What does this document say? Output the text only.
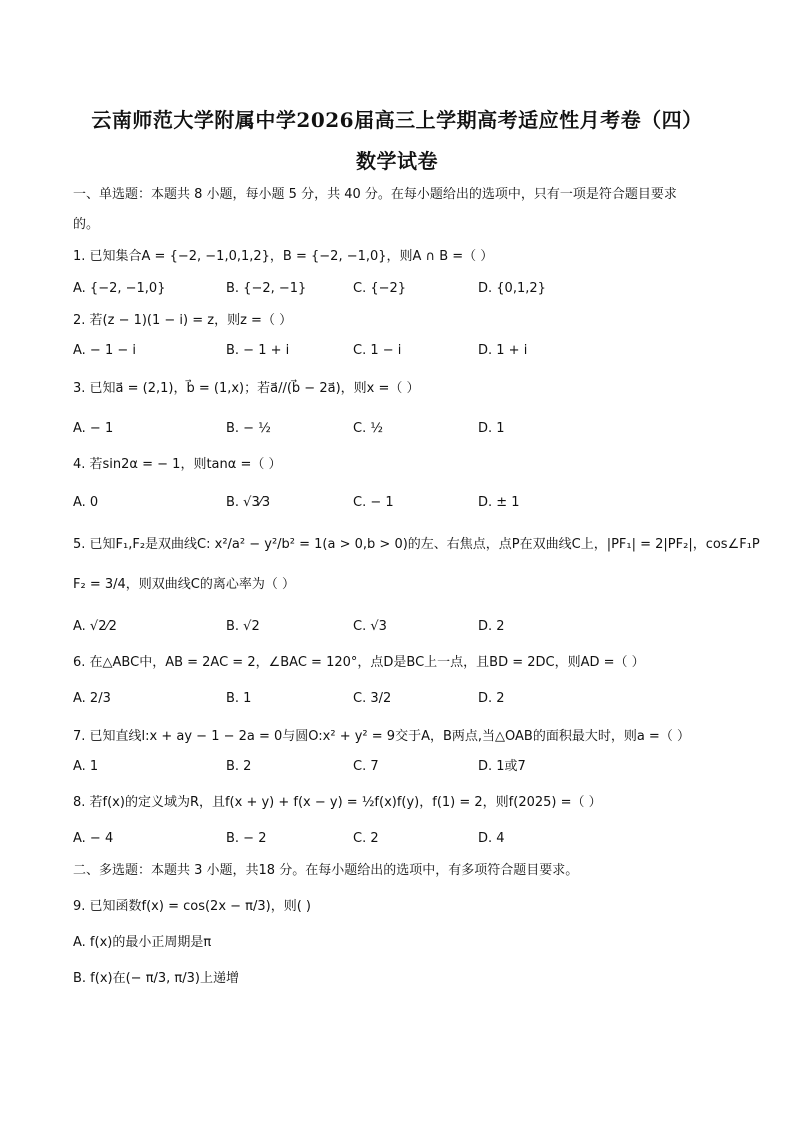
云南师范大学附属中学2026届高三上学期高考适应性月考卷（四）
数学试卷
一、单选题：本题共 8 小题，每小题 5 分，共 40 分。在每小题给出的选项中，只有一项是符合题目要求
的。
1. 已知集合A = {−2, −1,0,1,2}，B = {−2, −1,0}，则A ∩ B =（ ）
A. {−2, −1,0}	B. {−2, −1}	C. {−2}	D. {0,1,2}
2. 若(z − 1)(1 − i) = z，则z =（ ）
A. − 1 − i	B. − 1 + i	C. 1 − i	D. 1 + i
3. 已知a⃗ = (2,1)，b⃗ = (1,x)；若a⃗//(b⃗ − 2a⃗)，则x =（ ）
A. − 1	B. − ½	C. ½	D. 1
4. 若sin2α = − 1，则tanα =（ ）
A. 0	B. √3⁄3	C. − 1	D. ± 1
5. 已知F₁,F₂是双曲线C: x²/a² − y²/b² = 1(a > 0,b > 0)的左、右焦点，点P在双曲线C上，|PF₁| = 2|PF₂|，cos∠F₁P
F₂ = 3/4，则双曲线C的离心率为（ ）
A. √2⁄2	B. √2	C. √3	D. 2
6. 在△ABC中，AB = 2AC = 2，∠BAC = 120°，点D是BC上一点，且BD = 2DC，则AD =（ ）
A. 2/3	B. 1	C. 3/2	D. 2
7. 已知直线l:x + ay − 1 − 2a = 0与圆O:x² + y² = 9交于A，B两点,当△OAB的面积最大时，则a =（ ）
A. 1	B. 2	C. 7	D. 1或7
8. 若f(x)的定义域为R，且f(x + y) + f(x − y) = ½f(x)f(y)，f(1) = 2，则f(2025) =（ ）
A. − 4	B. − 2	C. 2	D. 4
二、多选题：本题共 3 小题，共18 分。在每小题给出的选项中，有多项符合题目要求。
9. 已知函数f(x) = cos(2x − π/3)，则( )
A. f(x)的最小正周期是π
B. f(x)在(− π/3, π/3)上递增
